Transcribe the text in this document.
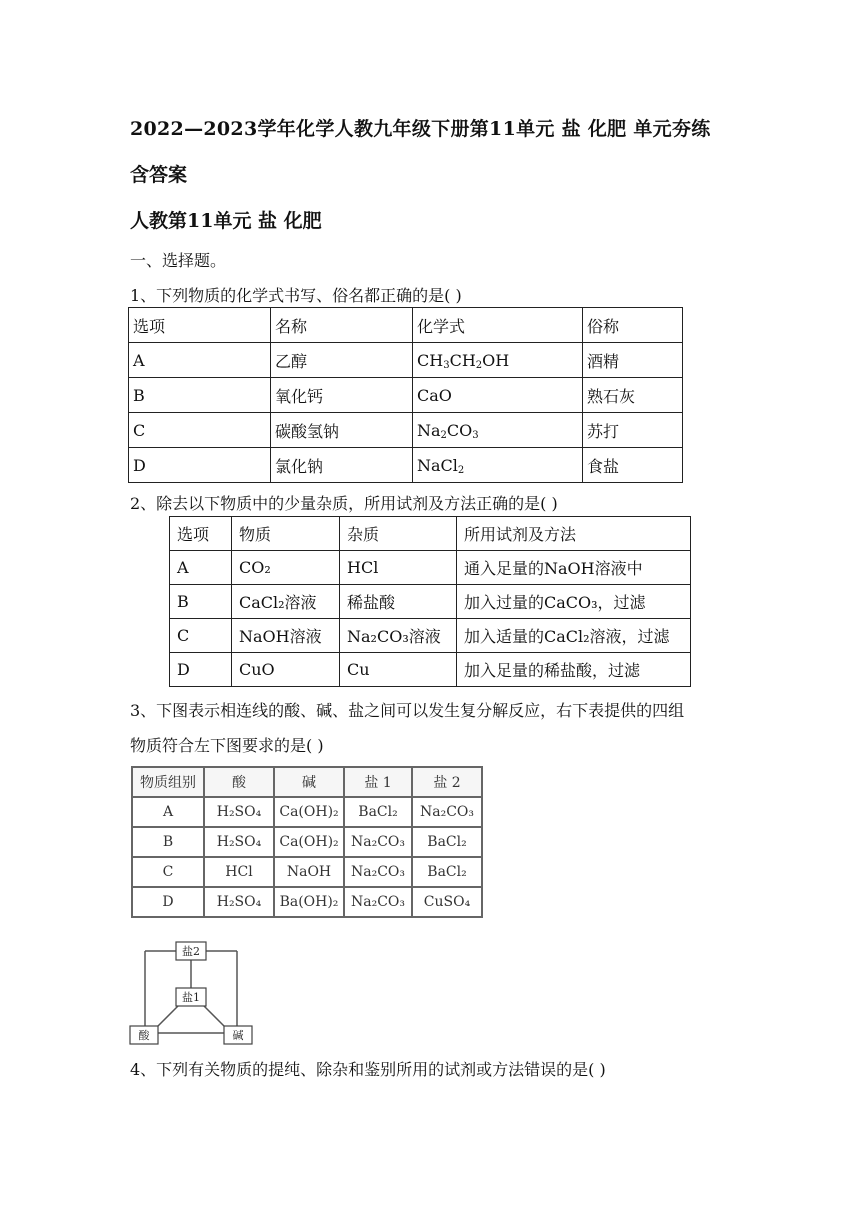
2022—2023学年化学人教九年级下册第11单元 盐 化肥 单元夯练
含答案
人教第11单元 盐 化肥
一、选择题。
1、下列物质的化学式书写、俗名都正确的是( )
选项	名称	化学式	俗称
A	乙醇	$CH_3CH_2OH$	酒精
B	氧化钙	CaO	熟石灰
C	碳酸氢钠	$Na_2CO_3$	苏打
D	氯化钠	NaCl$_2$	食盐
2、除去以下物质中的少量杂质，所用试剂及方法正确的是( )
选项	物质	杂质	所用试剂及方法
A	CO₂	HCl	通入足量的NaOH溶液中
B	CaCl₂溶液	稀盐酸	加入过量的CaCO₃，过滤
C	NaOH溶液	Na₂CO₃溶液	加入适量的CaCl₂溶液，过滤
D	CuO	Cu	加入足量的稀盐酸，过滤
3、下图表示相连线的酸、碱、盐之间可以发生复分解反应，右下表提供的四组
物质符合左下图要求的是( )
物质组别	酸	碱	盐 1	盐 2
A	H₂SO₄	Ca(OH)₂	BaCl₂	Na₂CO₃
B	H₂SO₄	Ca(OH)₂	Na₂CO₃	BaCl₂
C	HCl	NaOH	Na₂CO₃	BaCl₂
D	H₂SO₄	Ba(OH)₂	Na₂CO₃	CuSO₄
盐2
盐1
酸	碱
4、下列有关物质的提纯、除杂和鉴别所用的试剂或方法错误的是( )
